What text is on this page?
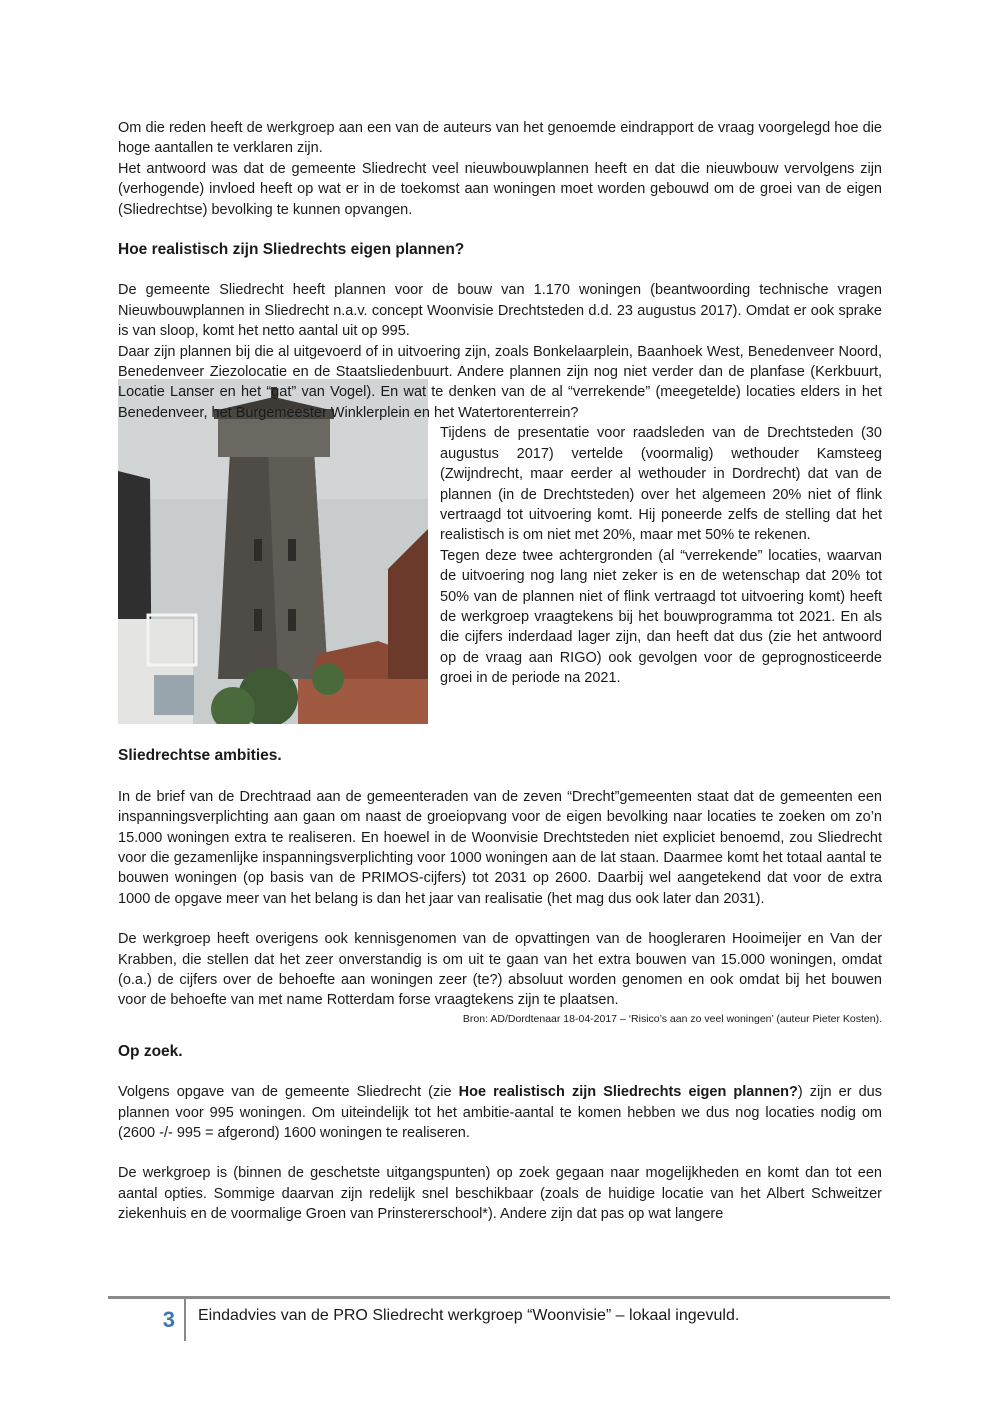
Om die reden heeft de werkgroep aan een van de auteurs van het genoemde eindrapport de vraag voorgelegd hoe die hoge aantallen te verklaren zijn.

Het antwoord was dat de gemeente Sliedrecht veel nieuwbouwplannen heeft en dat die nieuwbouw vervolgens zijn (verhogende) invloed heeft op wat er in de toekomst aan woningen moet worden gebouwd om de groei van de eigen (Sliedrechtse) bevolking te kunnen opvangen.

Hoe realistisch zijn Sliedrechts eigen plannen?

De gemeente Sliedrecht heeft plannen voor de bouw van 1.170 woningen (beantwoording technische vragen Nieuwbouwplannen in Sliedrecht n.a.v. concept Woonvisie Drechtsteden d.d. 23 augustus 2017). Omdat er ook sprake is van sloop, komt het netto aantal uit op 995.

Daar zijn plannen bij die al uitgevoerd of in uitvoering zijn, zoals Bonkelaarplein, Baanhoek West, Benedenveer Noord, Benedenveer Ziezolocatie en de Staatsliedenbuurt. Andere plannen zijn nog niet verder dan de planfase (Kerkbuurt, Locatie Lanser en het “gat” van Vogel). En wat te denken van de al “verrekende” (meegetelde) locaties elders in het Benedenveer, het Burgemeester Winklerplein en het Watertorenterrein?

Tijdens de presentatie voor raadsleden van de Drechtsteden (30 augustus 2017) vertelde (voormalig) wethouder Kamsteeg (Zwijndrecht, maar eerder al wethouder in Dordrecht) dat van de plannen (in de Drechtsteden) over het algemeen 20% niet of flink vertraagd tot uitvoering komt. Hij poneerde zelfs de stelling dat het realistisch is om niet met 20%, maar met 50% te rekenen.

Tegen deze twee achtergronden (al “verrekende” locaties, waarvan de uitvoering nog lang niet zeker is en de wetenschap dat 20% tot 50% van de plannen niet of flink vertraagd tot uitvoering komt) heeft de werkgroep vraagtekens bij het bouwprogramma tot 2021. En als die cijfers inderdaad lager zijn, dan heeft dat dus (zie het antwoord op de vraag aan RIGO) ook gevolgen voor de geprognosticeerde groei in de periode na 2021.

Sliedrechtse ambities.

In de brief van de Drechtraad aan de gemeenteraden van de zeven “Drecht”gemeenten staat dat de gemeenten een inspanningsverplichting aan gaan om naast de groeiopvang voor de eigen bevolking naar locaties te zoeken om zo’n 15.000 woningen extra te realiseren. En hoewel in de Woonvisie Drechtsteden niet expliciet benoemd, zou Sliedrecht voor die gezamenlijke inspanningsverplichting voor 1000 woningen aan de lat staan. Daarmee komt het totaal aantal te bouwen woningen (op basis van de PRIMOS-cijfers) tot 2031 op 2600. Daarbij wel aangetekend dat voor de extra 1000 de opgave meer van het belang is dan het jaar van realisatie (het mag dus ook later dan 2031).

De werkgroep heeft overigens ook kennisgenomen van de opvattingen van de hoogleraren Hooimeijer en Van der Krabben, die stellen dat het zeer onverstandig is om uit te gaan van het extra bouwen van 15.000 woningen, omdat (o.a.) de cijfers over de behoefte aan woningen zeer (te?) absoluut worden genomen en ook omdat bij het bouwen voor de behoefte van met name Rotterdam forse vraagtekens zijn te plaatsen.

Bron: AD/Dordtenaar 18-04-2017 – ‘Risico’s aan zo veel woningen’ (auteur Pieter Kosten).
Op zoek.

Volgens opgave van de gemeente Sliedrecht (zie Hoe realistisch zijn Sliedrechts eigen plannen?) zijn er dus plannen voor 995 woningen. Om uiteindelijk tot het ambitie-aantal te komen hebben we dus nog locaties nodig om (2600 -/- 995 = afgerond) 1600 woningen te realiseren.

De werkgroep is (binnen de geschetste uitgangspunten) op zoek gegaan naar mogelijkheden en komt dan tot een aantal opties. Sommige daarvan zijn redelijk snel beschikbaar (zoals de huidige locatie van het Albert Schweitzer ziekenhuis en de voormalige Groen van Prinstererschool*). Andere zijn dat pas op wat langere

3	Eindadvies van de PRO Sliedrecht werkgroep “Woonvisie” – lokaal ingevuld.
